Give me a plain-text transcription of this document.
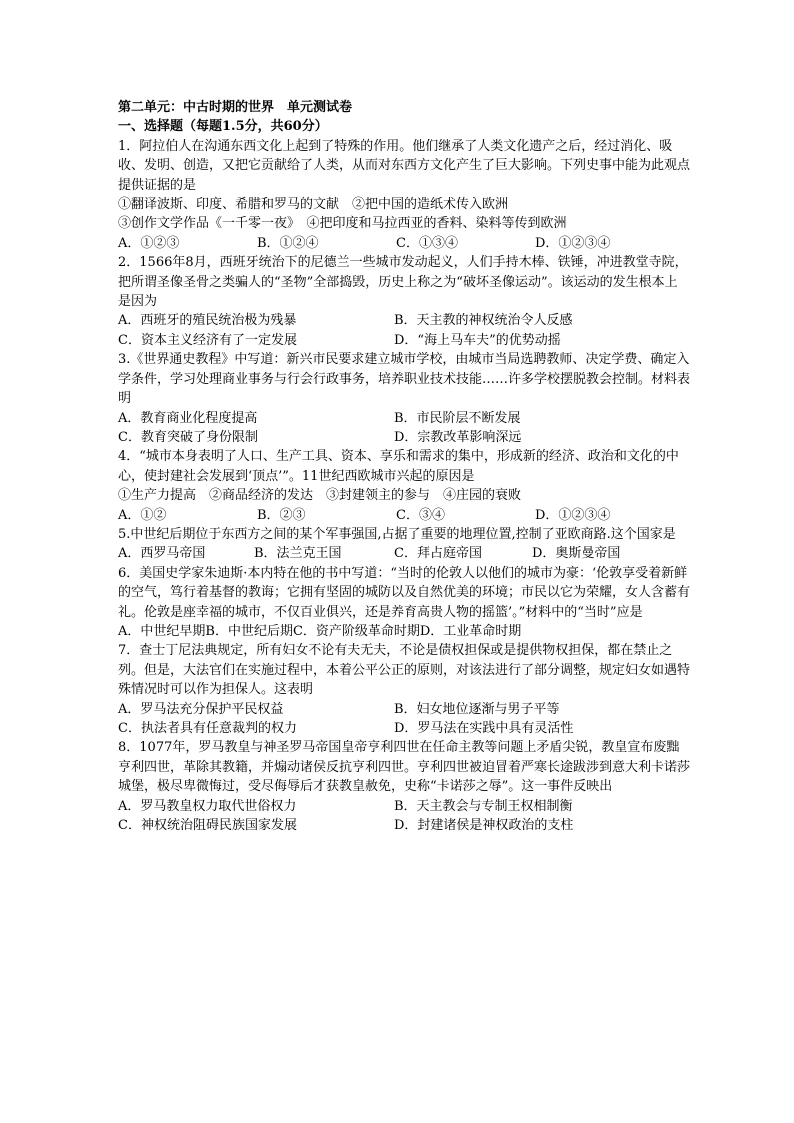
第二单元：中古时期的世界　单元测试卷

一、选择题（每题1.5分，共60分）

1．阿拉伯人在沟通东西文化上起到了特殊的作用。他们继承了人类文化遗产之后，经过消化、吸收、发明、创造，又把它贡献给了人类，从而对东西方文化产生了巨大影响。下列史事中能为此观点提供证据的是

①翻译波斯、印度、希腊和罗马的文献　②把中国的造纸术传入欧洲

③创作文学作品《一千零一夜》　④把印度和马拉西亚的香料、染料等传到欧洲

A．①②③	B．①②④	C．①③④	D．①②③④

2．1566年8月，西班牙统治下的尼德兰一些城市发动起义，人们手持木棒、铁锤，冲进教堂寺院，把所谓圣像圣骨之类骗人的“圣物”全部捣毁，历史上称之为“破坏圣像运动”。该运动的发生根本上是因为

A．西班牙的殖民统治极为残暴	B．天主教的神权统治令人反感
C．资本主义经济有了一定发展	D．“海上马车夫”的优势动摇

3.《世界通史教程》中写道：新兴市民要求建立城市学校，由城市当局选聘教师、决定学费、确定入学条件，学习处理商业事务与行会行政事务，培养职业技术技能……许多学校摆脱教会控制。材料表明

A．教育商业化程度提高	B．市民阶层不断发展
C．教育突破了身份限制	D．宗教改革影响深远

4．“城市本身表明了人口、生产工具、资本、享乐和需求的集中，形成新的经济、政治和文化的中心，使封建社会发展到‘顶点’”。11世纪西欧城市兴起的原因是

①生产力提高　②商品经济的发达　③封建领主的参与　④庄园的衰败

A．①②	B．②③	C．③④	D．①②③④

5.中世纪后期位于东西方之间的某个军事强国,占据了重要的地理位置,控制了亚欧商路.这个国家是

A．西罗马帝国	B．法兰克王国	C．拜占庭帝国	D．奥斯曼帝国

6．美国史学家朱迪斯·本内特在他的书中写道：“当时的伦敦人以他们的城市为豪：‘伦敦享受着新鲜的空气，笃行着基督的教诲；它拥有坚固的城防以及自然优美的环境；市民以它为荣耀，女人含蓄有礼。伦敦是座幸福的城市，不仅百业俱兴，还是养育高贵人物的摇篮’。”材料中的“当时”应是

A．中世纪早期B．中世纪后期C．资产阶级革命时期D．工业革命时期

7．查士丁尼法典规定，所有妇女不论有夫无夫，不论是债权担保或是提供物权担保，都在禁止之列。但是，大法官们在实施过程中，本着公平公正的原则，对该法进行了部分调整，规定妇女如遇特殊情况时可以作为担保人。这表明

A．罗马法充分保护平民权益	B．妇女地位逐渐与男子平等
C．执法者具有任意裁判的权力	D．罗马法在实践中具有灵活性

8．1077年，罗马教皇与神圣罗马帝国皇帝亨利四世在任命主教等问题上矛盾尖锐，教皇宣布废黜亨利四世，革除其教籍，并煽动诸侯反抗亨利四世。亨利四世被迫冒着严寒长途跋涉到意大利卡诺莎城堡，极尽卑微悔过，受尽侮辱后才获教皇赦免，史称“卡诺莎之辱”。这一事件反映出

A．罗马教皇权力取代世俗权力	B．天主教会与专制王权相制衡
C．神权统治阻碍民族国家发展	D．封建诸侯是神权政治的支柱
